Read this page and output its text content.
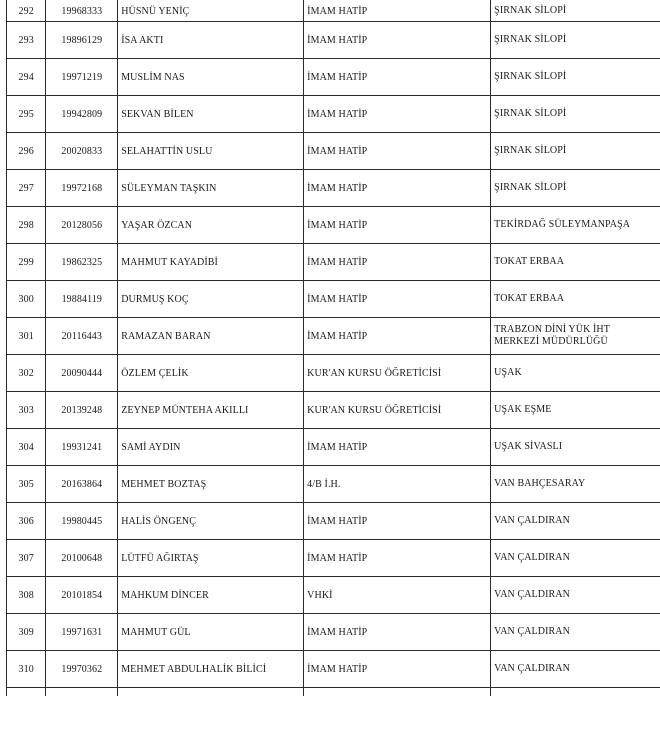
292	19968333	HÜSNÜ YENİÇ	İMAM HATİP	ŞIRNAK SİLOPİ
293	19896129	İSA AKTI	İMAM HATİP	ŞIRNAK SİLOPİ
294	19971219	MUSLİM NAS	İMAM HATİP	ŞIRNAK SİLOPİ
295	19942809	SEKVAN BİLEN	İMAM HATİP	ŞIRNAK SİLOPİ
296	20020833	SELAHATTİN USLU	İMAM HATİP	ŞIRNAK SİLOPİ
297	19972168	SÜLEYMAN TAŞKIN	İMAM HATİP	ŞIRNAK SİLOPİ
298	20128056	YAŞAR ÖZCAN	İMAM HATİP	TEKİRDAĞ SÜLEYMANPAŞA
299	19862325	MAHMUT KAYADİBİ	İMAM HATİP	TOKAT ERBAA
300	19884119	DURMUŞ KOÇ	İMAM HATİP	TOKAT ERBAA
301	20116443	RAMAZAN BARAN	İMAM HATİP	TRABZON DİNİ YÜK İHT MERKEZİ MÜDÜRLÜĞÜ
302	20090444	ÖZLEM ÇELİK	KUR'AN KURSU ÖĞRETİCİSİ	UŞAK
303	20139248	ZEYNEP MÜNTEHA AKILLI	KUR'AN KURSU ÖĞRETİCİSİ	UŞAK EŞME
304	19931241	SAMİ AYDIN	İMAM HATİP	UŞAK SİVASLI
305	20163864	MEHMET BOZTAŞ	4/B İ.H.	VAN BAHÇESARAY
306	19980445	HALİS ÖNGENÇ	İMAM HATİP	VAN ÇALDIRAN
307	20100648	LÜTFÜ AĞIRTAŞ	İMAM HATİP	VAN ÇALDIRAN
308	20101854	MAHKUM DİNCER	VHKİ	VAN ÇALDIRAN
309	19971631	MAHMUT GÜL	İMAM HATİP	VAN ÇALDIRAN
310	19970362	MEHMET ABDULHALİK BİLİCİ	İMAM HATİP	VAN ÇALDIRAN
